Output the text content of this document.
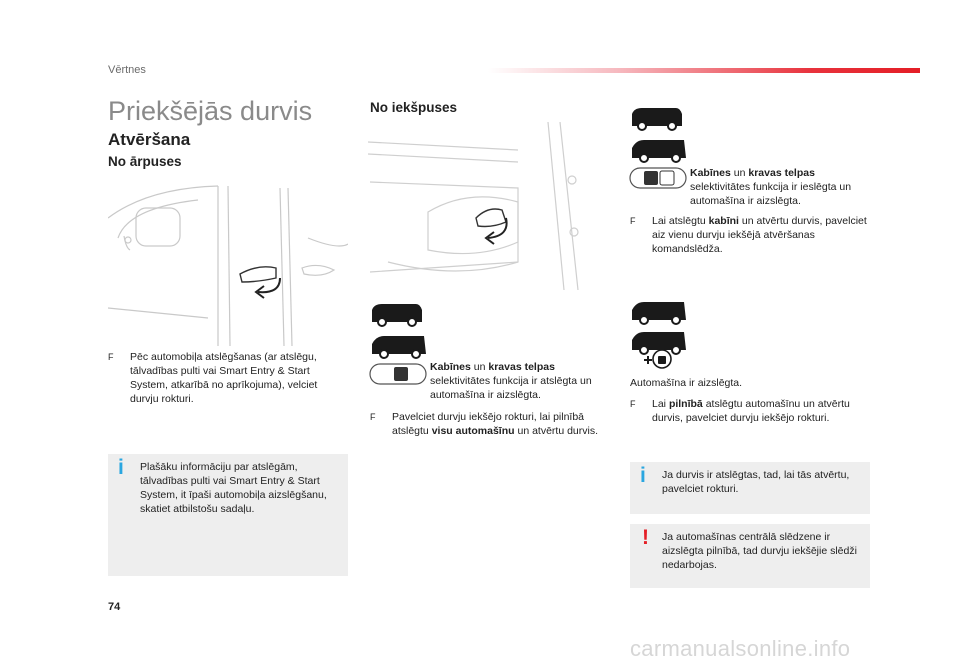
Vērtnes
Priekšējās durvis
Atvēršana
No ārpuses
No iekšpuses
F Pēc automobiļa atslēgšanas (ar atslēgu, tālvadības pulti vai Smart Entry & Start System, atkarībā no aprīkojuma), velciet durvju rokturi.
i Plašāku informāciju par atslēgām, tālvadības pulti vai Smart Entry & Start System, it īpaši automobiļa aizslēgšanu, skatiet atbilstošu sadaļu.
Kabīnes un kravas telpas
selektivitātes funkcija ir atslēgta un automašīna ir aizslēgta.
F Pavelciet durvju iekšējo rokturi, lai pilnībā atslēgtu visu automašīnu un atvērtu durvis.
Kabīnes un kravas telpas
selektivitātes funkcija ir ieslēgta un automašīna ir aizslēgta.
F Lai atslēgtu kabīni un atvērtu durvis, pavelciet aiz vienu durvju iekšējā atvēršanas komandslēdža.
Automašīna ir aizslēgta.
F Lai pilnībā atslēgtu automašīnu un atvērtu durvis, pavelciet durvju iekšējo rokturi.
i Ja durvis ir atslēgtas, tad, lai tās atvērtu, pavelciet rokturi.
! Ja automašīnas centrālā slēdzene ir aizslēgta pilnībā, tad durvju iekšējie slēdži nedarbojas.
74
carmanualsonline.info
